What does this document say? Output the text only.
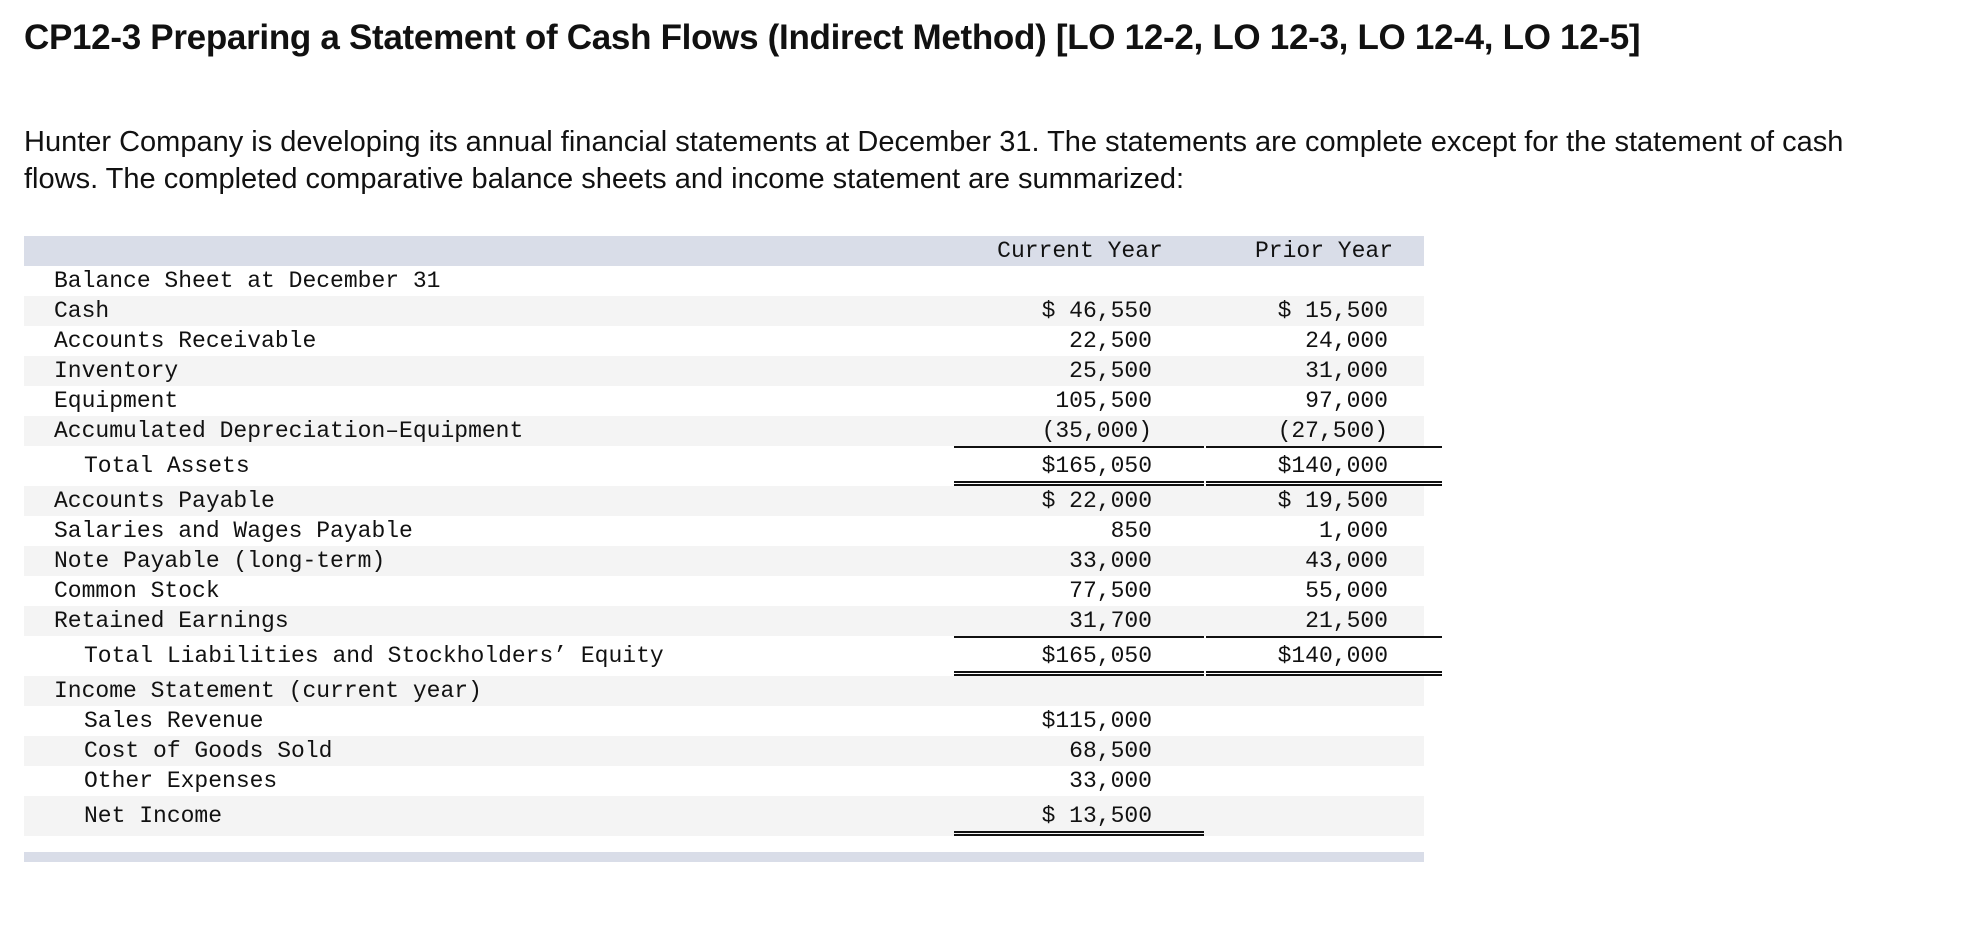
CP12-3 Preparing a Statement of Cash Flows (Indirect Method) [LO 12-2, LO 12-3, LO 12-4, LO 12-5]

Hunter Company is developing its annual financial statements at December 31. The statements are complete except for the statement of cash flows. The completed comparative balance sheets and income statement are summarized:

Current Year	Prior Year
Balance Sheet at December 31
Cash	$ 46,550	$ 15,500
Accounts Receivable	22,500	24,000
Inventory	25,500	31,000
Equipment	105,500	97,000
Accumulated Depreciation–Equipment	(35,000)	(27,500)
Total Assets	$165,050	$140,000
Accounts Payable	$ 22,000	$ 19,500
Salaries and Wages Payable	850	1,000
Note Payable (long-term)	33,000	43,000
Common Stock	77,500	55,000
Retained Earnings	31,700	21,500
Total Liabilities and Stockholders’ Equity	$165,050	$140,000
Income Statement (current year)
Sales Revenue	$115,000
Cost of Goods Sold	68,500
Other Expenses	33,000
Net Income	$ 13,500
